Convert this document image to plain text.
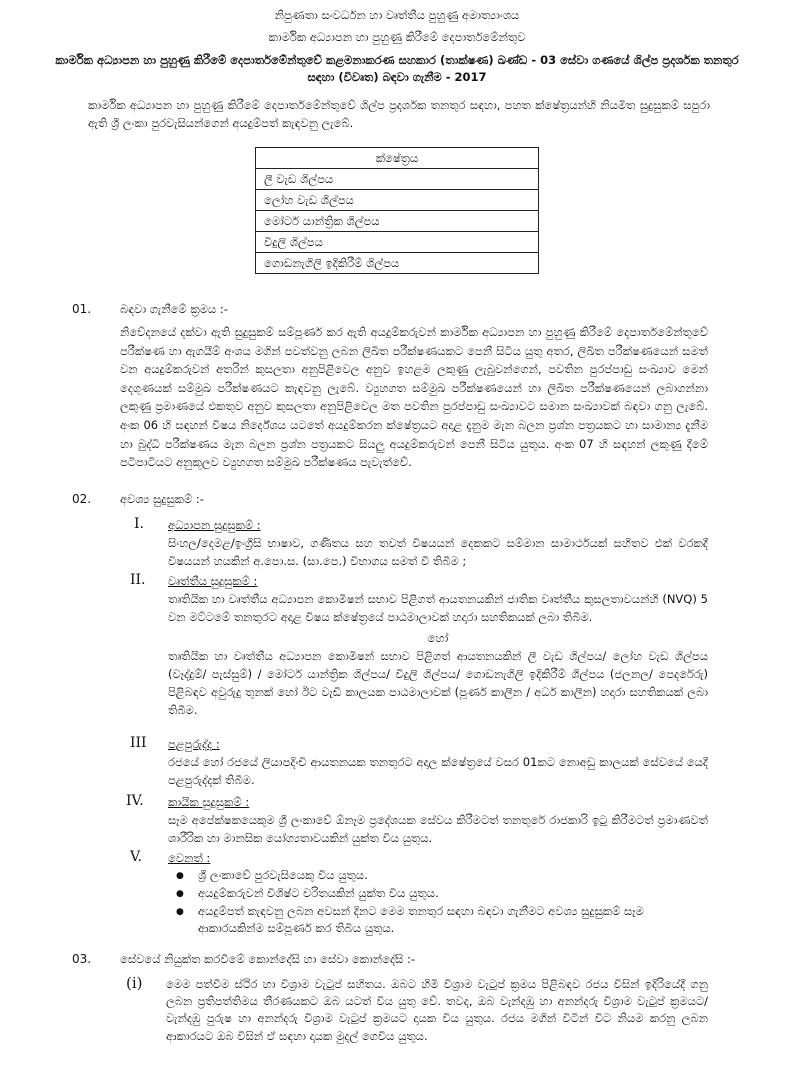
නිපුණතා සංවර්ධන හා වෘත්තීය පුහුණු අමාත්‍යාංශය
කාර්මික අධ්‍යාපන හා පුහුණු කිරීමේ දෙපාර්තමේන්තුව
කාර්මික අධ්‍යාපන හා පුහුණු කිරීමේ දෙපාර්තමේන්තුවේ කළමනාකරණ සහකාර (තාක්ෂණ) ඛණ්ඩ - 03 සේවා ගණයේ ශිල්ප ප්‍රදර්ශක තනතුර සඳහා (විවෘත) බඳවා ගැනීම - 2017
කාර්මික අධ්‍යාපන හා පුහුණු කිරීමේ දෙපාර්තමේන්තුවේ ශිල්ප ප්‍රදර්ශක තනතුර සඳහා, පහත ක්ෂේත්‍රයන්හි නියමිත සුදුසුකම් සපුරා ඇති ශ්‍රී ලංකා පුරවැසියන්ගෙන් අයදුම්පත් කැඳවනු ලැබේ.
ක්ෂේත්‍රය
ලී වැඩ ශිල්පය
ලෝහ වැඩ ශිල්පය
මෝටර් යාන්ත්‍රික ශිල්පය
විදුලි ශිල්පය
ගොඩනැගිලි ඉදිකිරීම් ශිල්පය
01.	බඳවා ගැනීමේ ක්‍රමය :-
නිවේදනයේ දක්වා ඇති සුදුසුකම් සම්පූර්ණ කර ඇති අයදුම්කරුවන් කාර්මික අධ්‍යාපන හා පුහුණු කිරීමේ දෙපාර්තමේන්තුවේ පරීක්ෂණ හා ඇගයීම් අංශය මගින් පවත්වනු ලබන ලිඛිත පරීක්ෂණයකට පෙනී සිටිය යුතු අතර, ලිඛිත පරීක්ෂණයෙන් සමත් වන අයදුම්කරුවන් අතරින් කුසලතා අනුපිළිවෙල අනුව ඉහළම ලකුණු ලැබුවන්ගෙන්, පවතින පුරප්පාඩු සංඛ්‍යාව මෙන් දෙගුණයක් සම්මුඛ පරීක්ෂණයට කැඳවනු ලැබේ. ව්‍යුහගත සම්මුඛ පරීක්ෂණයෙන් හා ලිඛිත පරීක්ෂණයෙන් ලබාගන්නා ලකුණු ප්‍රමාණයේ එකතුව අනුව කුසලතා අනුපිළිවෙල මත පවතින පුරප්පාඩු සංඛ්‍යාවට සමාන සංඛ්‍යාවක් බඳවා ගනු ලැබේ. අංක 06 හි සඳහන් විෂය නිර්දේශය යටතේ අයදුම්කරන ක්ෂේත්‍රයට අදාළ දැනුම මැන බලන ප්‍රශ්න පත්‍රයකට හා සාමාන්‍ය දැනීම හා බුද්ධි පරීක්ෂණය මැන බලන ප්‍රශ්න පත්‍රයකට සියලු අයදුම්කරුවන් පෙනී සිටිය යුතුය. අංක 07 හි සඳහන් ලකුණු දීමේ පටිපාටියට අනුකූලව ව්‍යුහගත සම්මුඛ පරීක්ෂණය පැවැත්වේ.
02.	අවශ්‍ය සුදුසුකම් :-
I. අධ්‍යාපන සුදුසුකම් :
සිංහල/දෙමළ/ඉංග්‍රීසි භාෂාව, ගණිතය සහ තවත් විෂයයන් දෙකකට සම්මාන සාමාර්ථයක් සහිතව එක් වරකදී විෂයයන් හයකින් අ.පො.ස. (සා.පෙ.) විභාගය සමත් වී තිබීම ;
II. වෘත්තීය සුදුසුකම් :
තෘතියික හා වෘත්තීය අධ්‍යාපන කොමිෂන් සභාව පිළිගත් ආයතනයකින් ජාතික වෘත්තීය කුසලතාවයන්හි (NVQ) 5 වන මට්ටමේ තනතුරට අදාළ විෂය ක්ෂේත්‍රයේ පාඨමාලාවක් හදාරා සහතිකයක් ලබා තිබීම.
හෝ
තෘතියික හා වෘත්තීය අධ්‍යාපන කොමිෂන් සභාව පිළිගත් ආයතනයකින් ලී වැඩ ශිල්පය/ ලෝහ වැඩ ශිල්පය (වෑද්දුම්/ පැස්සුම්) / මෝටර් යාන්ත්‍රික ශිල්පය/ විදුලි ශිල්පය/ ගොඩනැගිලි ඉදිකිරීම් ශිල්පය (ජලනල/ පෙදරේරු) පිළිබඳව අවුරුදු තුනක් හෝ ඊට වැඩි කාලයක පාඨමාලාවක් (පූර්ණ කාලීන / අර්ධ කාලීන) හදාරා සහතිකයක් ලබා තිබීම.
III පළපුරුද්ද :
රජයේ හෝ රජයේ ලියාපදිංචි ආයතනයක තනතුරට අදාල ක්ෂේත්‍රයේ වසර 01කට නොඅඩු කාලයක් සේවයේ යෙදී පළපුරුද්දක් තිබීම.
IV. කායික සුදුසුකම් :
සෑම අපේක්ෂකයෙකුම ශ්‍රී ලංකාවේ ඕනෑම ප්‍රදේශයක සේවය කිරීමටත් තනතුරේ රාජකාරි ඉටු කිරීමටත් ප්‍රමාණවත් ශාරීරික හා මානසික යෝග්‍යතාවයකින් යුක්ත විය යුතුය.
V. වෙනත් :
● ශ්‍රී ලංකාවේ පුරවැසියෙකු විය යුතුය.
● අයදුම්කරුවන් විශිෂ්ට චරිතයකින් යුක්ත විය යුතුය.
● අයදුම්පත් කැඳවනු ලබන අවසන් දිනට මෙම තනතුර සඳහා බඳවා ගැනීමට අවශ්‍ය සුදුසුකම් සෑම ආකාරයකින්ම සම්පූර්ණ කර තිබිය යුතුය.
03.	සේවයේ නියුක්ත කරවීමේ කොන්දේසි හා සේවා කොන්දේසි :-
(i) මෙම පත්වීම ස්ථිර හා විශ්‍රාම වැටුප් සහිතය. ඔබට හිමි විශ්‍රාම වැටුප් ක්‍රමය පිළිබඳව රජය විසින් ඉදිරියේදී ගනු ලබන ප්‍රතිපත්තිමය තීරණයකට ඔබ යටත් විය යුතු වේ. තවද, ඔබ වැන්දඹු හා අනන්දරු විශ්‍රාම වැටුප් ක්‍රමයට/ වැන්දඹු පුරුෂ හා අනන්දරු විශ්‍රාම වැටුප් ක්‍රමයට දායක විය යුතුය. රජය මගින් විටින් විට නියම කරනු ලබන ආකාරයට ඔබ විසින් ඒ සඳහා දායක මුදල් ගෙවිය යුතුය.
